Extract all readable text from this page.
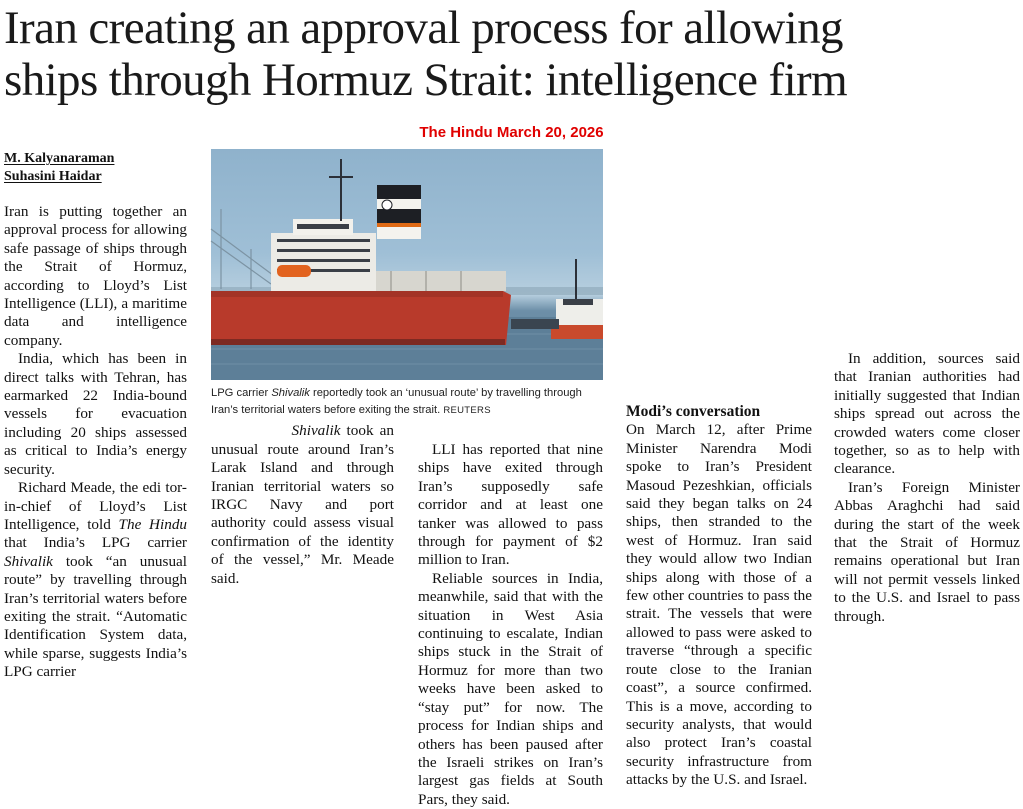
Iran creating an approval process for allowing
ships through Hormuz Strait: intelligence firm
The Hindu March 20, 2026
M. Kalyanaraman
Suhasini Haidar
LPG carrier Shivalik reportedly took an ‘unusual route’ by travelling through Iran’s territorial waters before exiting the strait. REUTERS

Iran is putting together an approval process for allowing safe passage of ships through the Strait of Hormuz, according to Lloyd’s List Intelligence (LLI), a maritime data and intelligence company.

India, which has been in direct talks with Tehran, has earmarked 22 India-bound vessels for evacuation including 20 ships assessed as critical to India’s energy security.

Richard Meade, the edi tor-in-chief of Lloyd’s List Intelligence, told The Hindu that India’s LPG carrier Shivalik took “an unusual route” by travelling through Iran’s territorial waters before exiting the strait. “Automatic Identification System data, while sparse, suggests India’s LPG carrier

Shivalik took an unusual route around Iran’s Larak Island and through Iranian territorial waters so IRGC Navy and port authority could assess visual confirmation of the identity of the vessel,” Mr. Meade said.

LLI has reported that nine ships have exited through Iran’s supposedly safe corridor and at least one tanker was allowed to pass through for payment of $2 million to Iran.

Reliable sources in India, meanwhile, said that with the situation in West Asia continuing to escalate, Indian ships stuck in the Strait of Hormuz for more than two weeks have been asked to “stay put” for now. The process for Indian ships and others has been paused after the Israeli strikes on Iran’s largest gas fields at South Pars, they said.

Modi’s conversation

On March 12, after Prime Minister Narendra Modi spoke to Iran’s President Masoud Pezeshkian, officials said they began talks on 24 ships, then stranded to the west of Hormuz. Iran said they would allow two Indian ships along with those of a few other countries to pass the strait. The vessels that were allowed to pass were asked to traverse “through a specific route close to the Iranian coast”, a source confirmed. This is a move, according to security analysts, that would also protect Iran’s coastal security infrastructure from attacks by the U.S. and Israel.

In addition, sources said that Iranian authorities had initially suggested that Indian ships spread out across the crowded waters come closer together, so as to help with clearance.

Iran’s Foreign Minister Abbas Araghchi had said during the start of the week that the Strait of Hormuz remains operational but Iran will not permit vessels linked to the U.S. and Israel to pass through.
